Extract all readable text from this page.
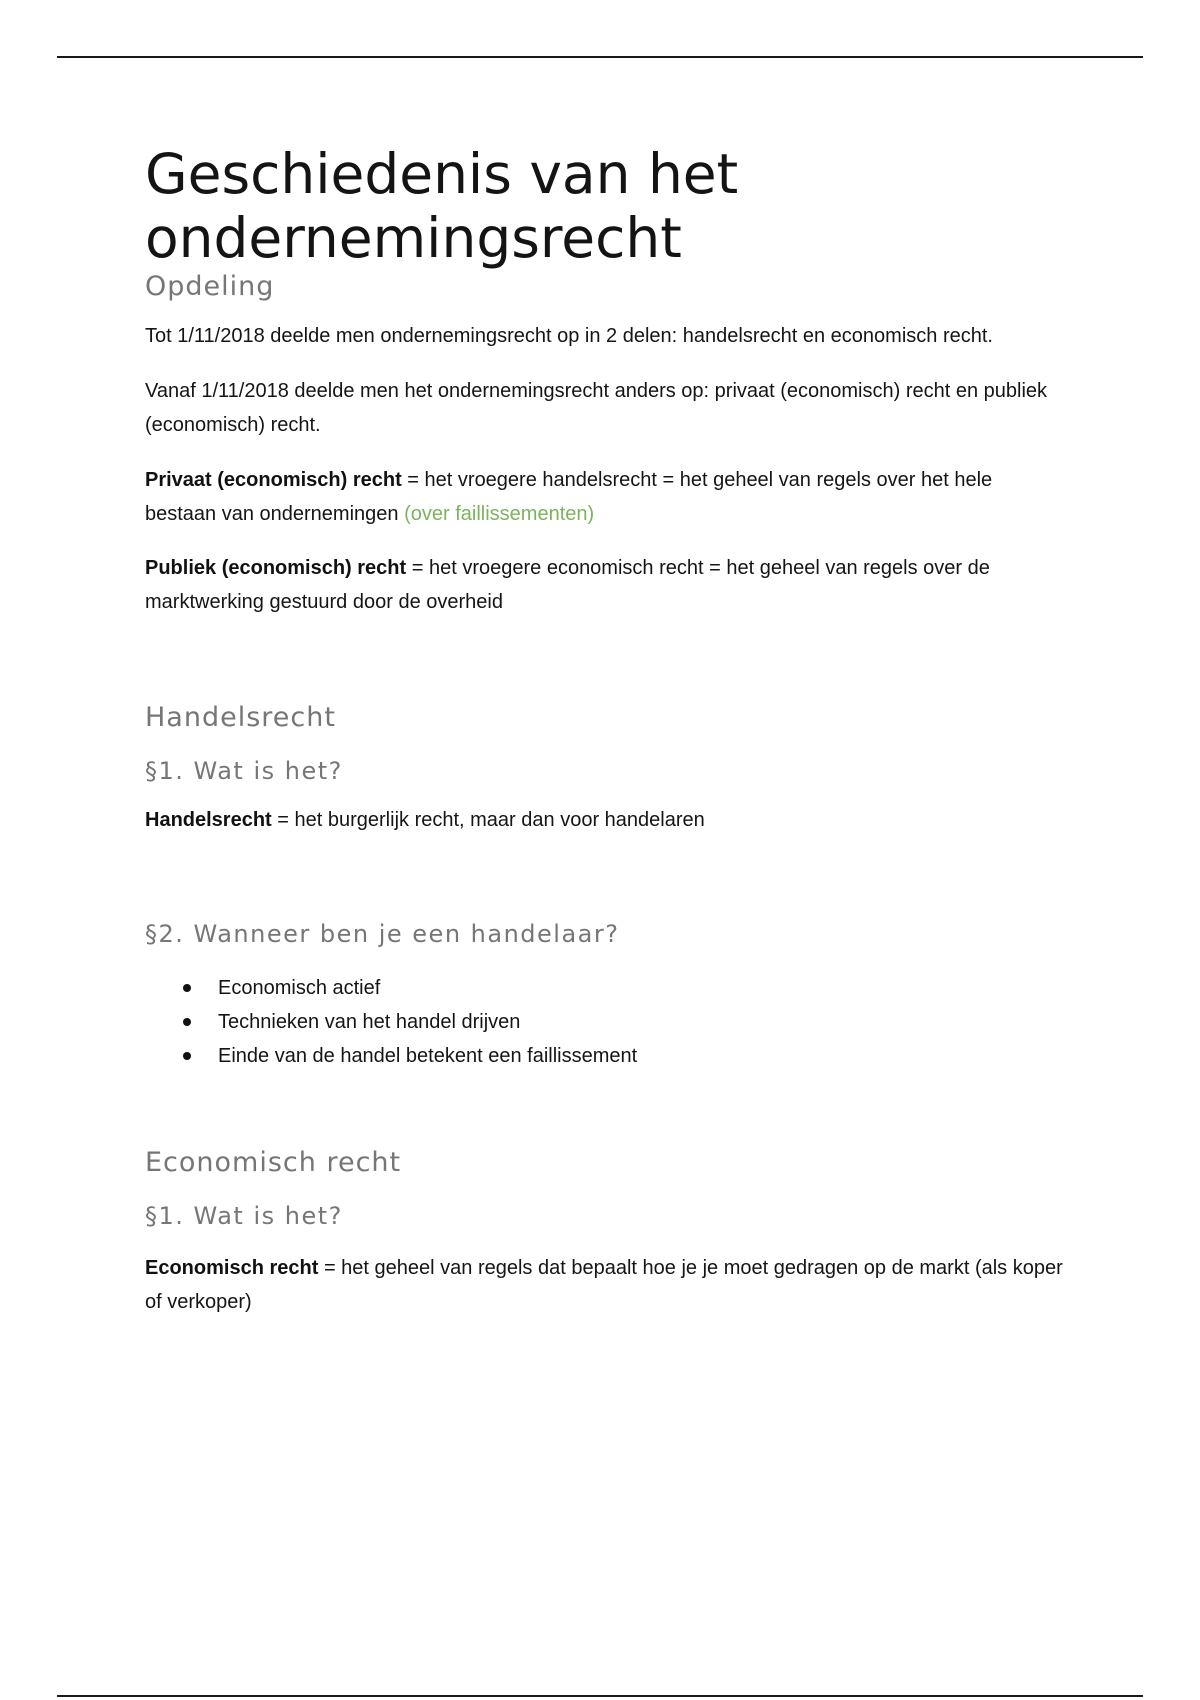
Geschiedenis van het ondernemingsrecht
Opdeling

Tot 1/11/2018 deelde men ondernemingsrecht op in 2 delen: handelsrecht en economisch recht.

Vanaf 1/11/2018 deelde men het ondernemingsrecht anders op: privaat (economisch) recht en publiek (economisch) recht.

Privaat (economisch) recht = het vroegere handelsrecht = het geheel van regels over het hele bestaan van ondernemingen (over faillissementen)

Publiek (economisch) recht = het vroegere economisch recht = het geheel van regels over de marktwerking gestuurd door de overheid

Handelsrecht
§1. Wat is het?

Handelsrecht = het burgerlijk recht, maar dan voor handelaren

§2. Wanneer ben je een handelaar?
Economisch actief
Technieken van het handel drijven
Einde van de handel betekent een faillissement
Economisch recht
§1. Wat is het?

Economisch recht = het geheel van regels dat bepaalt hoe je je moet gedragen op de markt (als koper of verkoper)
